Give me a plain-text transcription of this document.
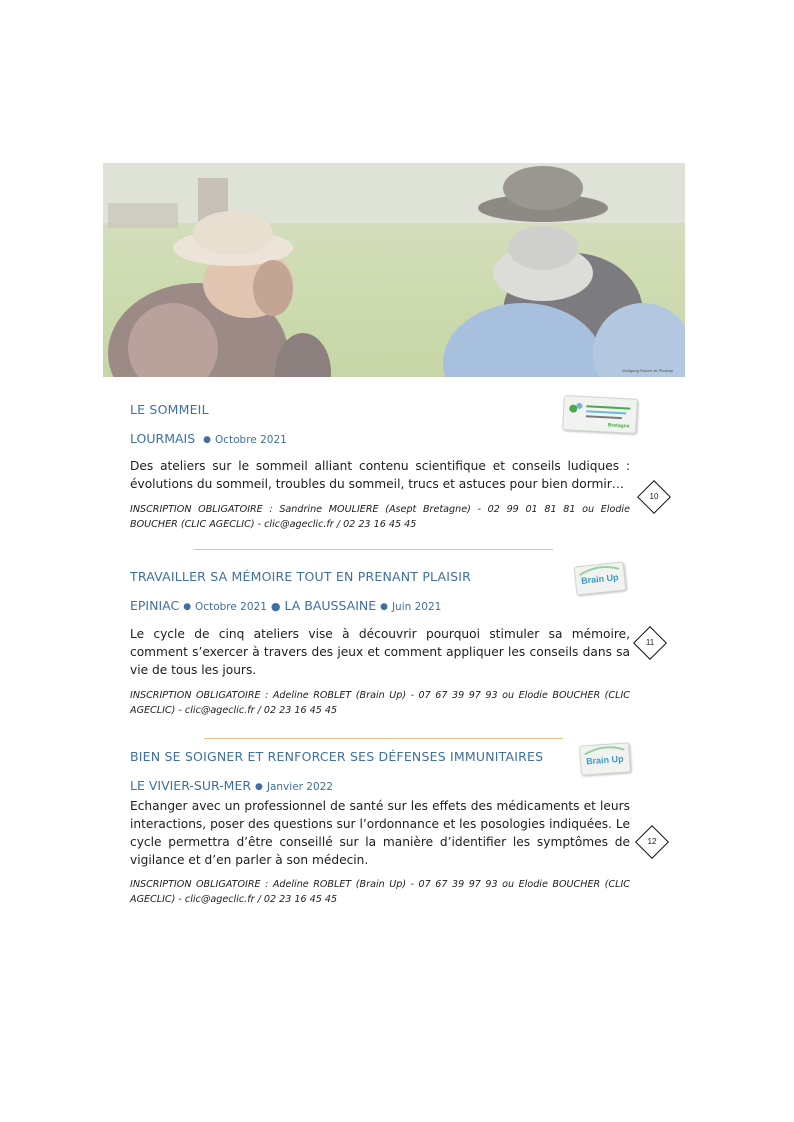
Wolfgang Rabert de Pixabay
LE SOMMEIL
LOURMAIS ● Octobre 2021

Des ateliers sur le sommeil alliant contenu scientifique et conseils ludiques : évolutions du sommeil, troubles du sommeil, trucs et astuces pour bien dormir…

INSCRIPTION OBLIGATOIRE : Sandrine MOULIERE (Asept Bretagne) - 02 99 01 81 81 ou Elodie BOUCHER (CLIC AGECLIC) - clic@ageclic.fr / 02 23 16 45 45

Bretagne
10
TRAVAILLER SA MÉMOIRE TOUT EN PRENANT PLAISIR
EPINIAC ● Octobre 2021 ● LA BAUSSAINE ● Juin 2021

Le cycle de cinq ateliers vise à découvrir pourquoi stimuler sa mémoire, comment s’exercer à travers des jeux et comment appliquer les conseils dans sa vie de tous les jours.

INSCRIPTION OBLIGATOIRE : Adeline ROBLET (Brain Up) - 07 67 39 97 93 ou Elodie BOUCHER (CLIC AGECLIC) - clic@ageclic.fr / 02 23 16 45 45

Brain Up
11
BIEN SE SOIGNER ET RENFORCER SES DÉFENSES IMMUNITAIRES
LE VIVIER-SUR-MER ● Janvier 2022

Echanger avec un professionnel de santé sur les effets des médicaments et leurs interactions, poser des questions sur l’ordonnance et les posologies indiquées. Le cycle permettra d’être conseillé sur la manière d’identifier les symptômes de vigilance et d’en parler à son médecin.

INSCRIPTION OBLIGATOIRE : Adeline ROBLET (Brain Up) - 07 67 39 97 93 ou Elodie BOUCHER (CLIC AGECLIC) - clic@ageclic.fr / 02 23 16 45 45

Brain Up
12
